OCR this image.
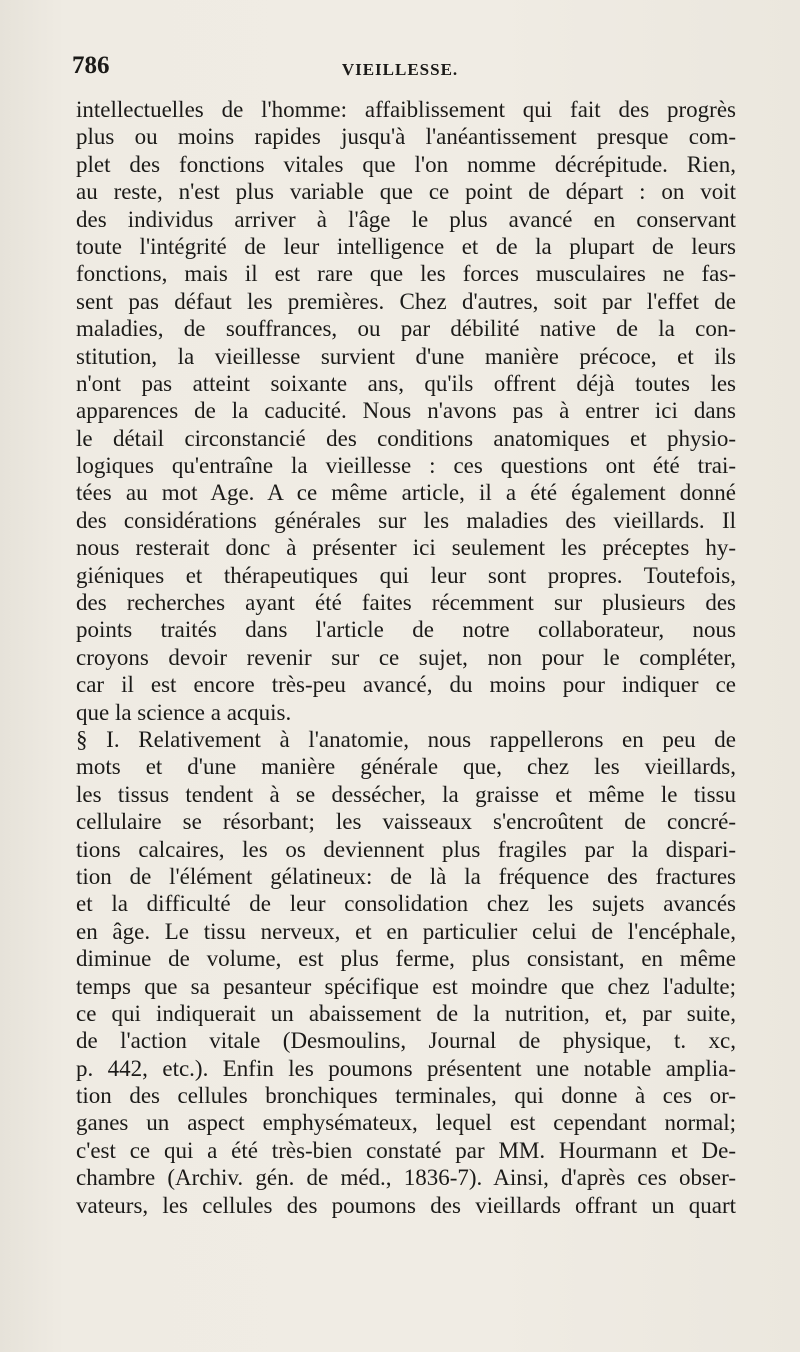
786	VIEILLESSE.
intellectuelles de l'homme: affaiblissement qui fait des progrès
plus ou moins rapides jusqu'à l'anéantissement presque com-
plet des fonctions vitales que l'on nomme décrépitude. Rien,
au reste, n'est plus variable que ce point de départ : on voit
des individus arriver à l'âge le plus avancé en conservant
toute l'intégrité de leur intelligence et de la plupart de leurs
fonctions, mais il est rare que les forces musculaires ne fas-
sent pas défaut les premières. Chez d'autres, soit par l'effet de
maladies, de souffrances, ou par débilité native de la con-
stitution, la vieillesse survient d'une manière précoce, et ils
n'ont pas atteint soixante ans, qu'ils offrent déjà toutes les
apparences de la caducité. Nous n'avons pas à entrer ici dans
le détail circonstancié des conditions anatomiques et physio-
logiques qu'entraîne la vieillesse : ces questions ont été trai-
tées au mot Age. A ce même article, il a été également donné
des considérations générales sur les maladies des vieillards. Il
nous resterait donc à présenter ici seulement les préceptes hy-
giéniques et thérapeutiques qui leur sont propres. Toutefois,
des recherches ayant été faites récemment sur plusieurs des
points traités dans l'article de notre collaborateur, nous
croyons devoir revenir sur ce sujet, non pour le compléter,
car il est encore très-peu avancé, du moins pour indiquer ce
que la science a acquis.
§ I. Relativement à l'anatomie, nous rappellerons en peu de
mots et d'une manière générale que, chez les vieillards,
les tissus tendent à se dessécher, la graisse et même le tissu
cellulaire se résorbant; les vaisseaux s'encroûtent de concré-
tions calcaires, les os deviennent plus fragiles par la dispari-
tion de l'élément gélatineux: de là la fréquence des fractures
et la difficulté de leur consolidation chez les sujets avancés
en âge. Le tissu nerveux, et en particulier celui de l'encéphale,
diminue de volume, est plus ferme, plus consistant, en même
temps que sa pesanteur spécifique est moindre que chez l'adulte;
ce qui indiquerait un abaissement de la nutrition, et, par suite,
de l'action vitale (Desmoulins, Journal de physique, t. xc,
p. 442, etc.). Enfin les poumons présentent une notable amplia-
tion des cellules bronchiques terminales, qui donne à ces or-
ganes un aspect emphysémateux, lequel est cependant normal;
c'est ce qui a été très-bien constaté par MM. Hourmann et De-
chambre (Archiv. gén. de méd., 1836-7). Ainsi, d'après ces obser-
vateurs, les cellules des poumons des vieillards offrant un quart
